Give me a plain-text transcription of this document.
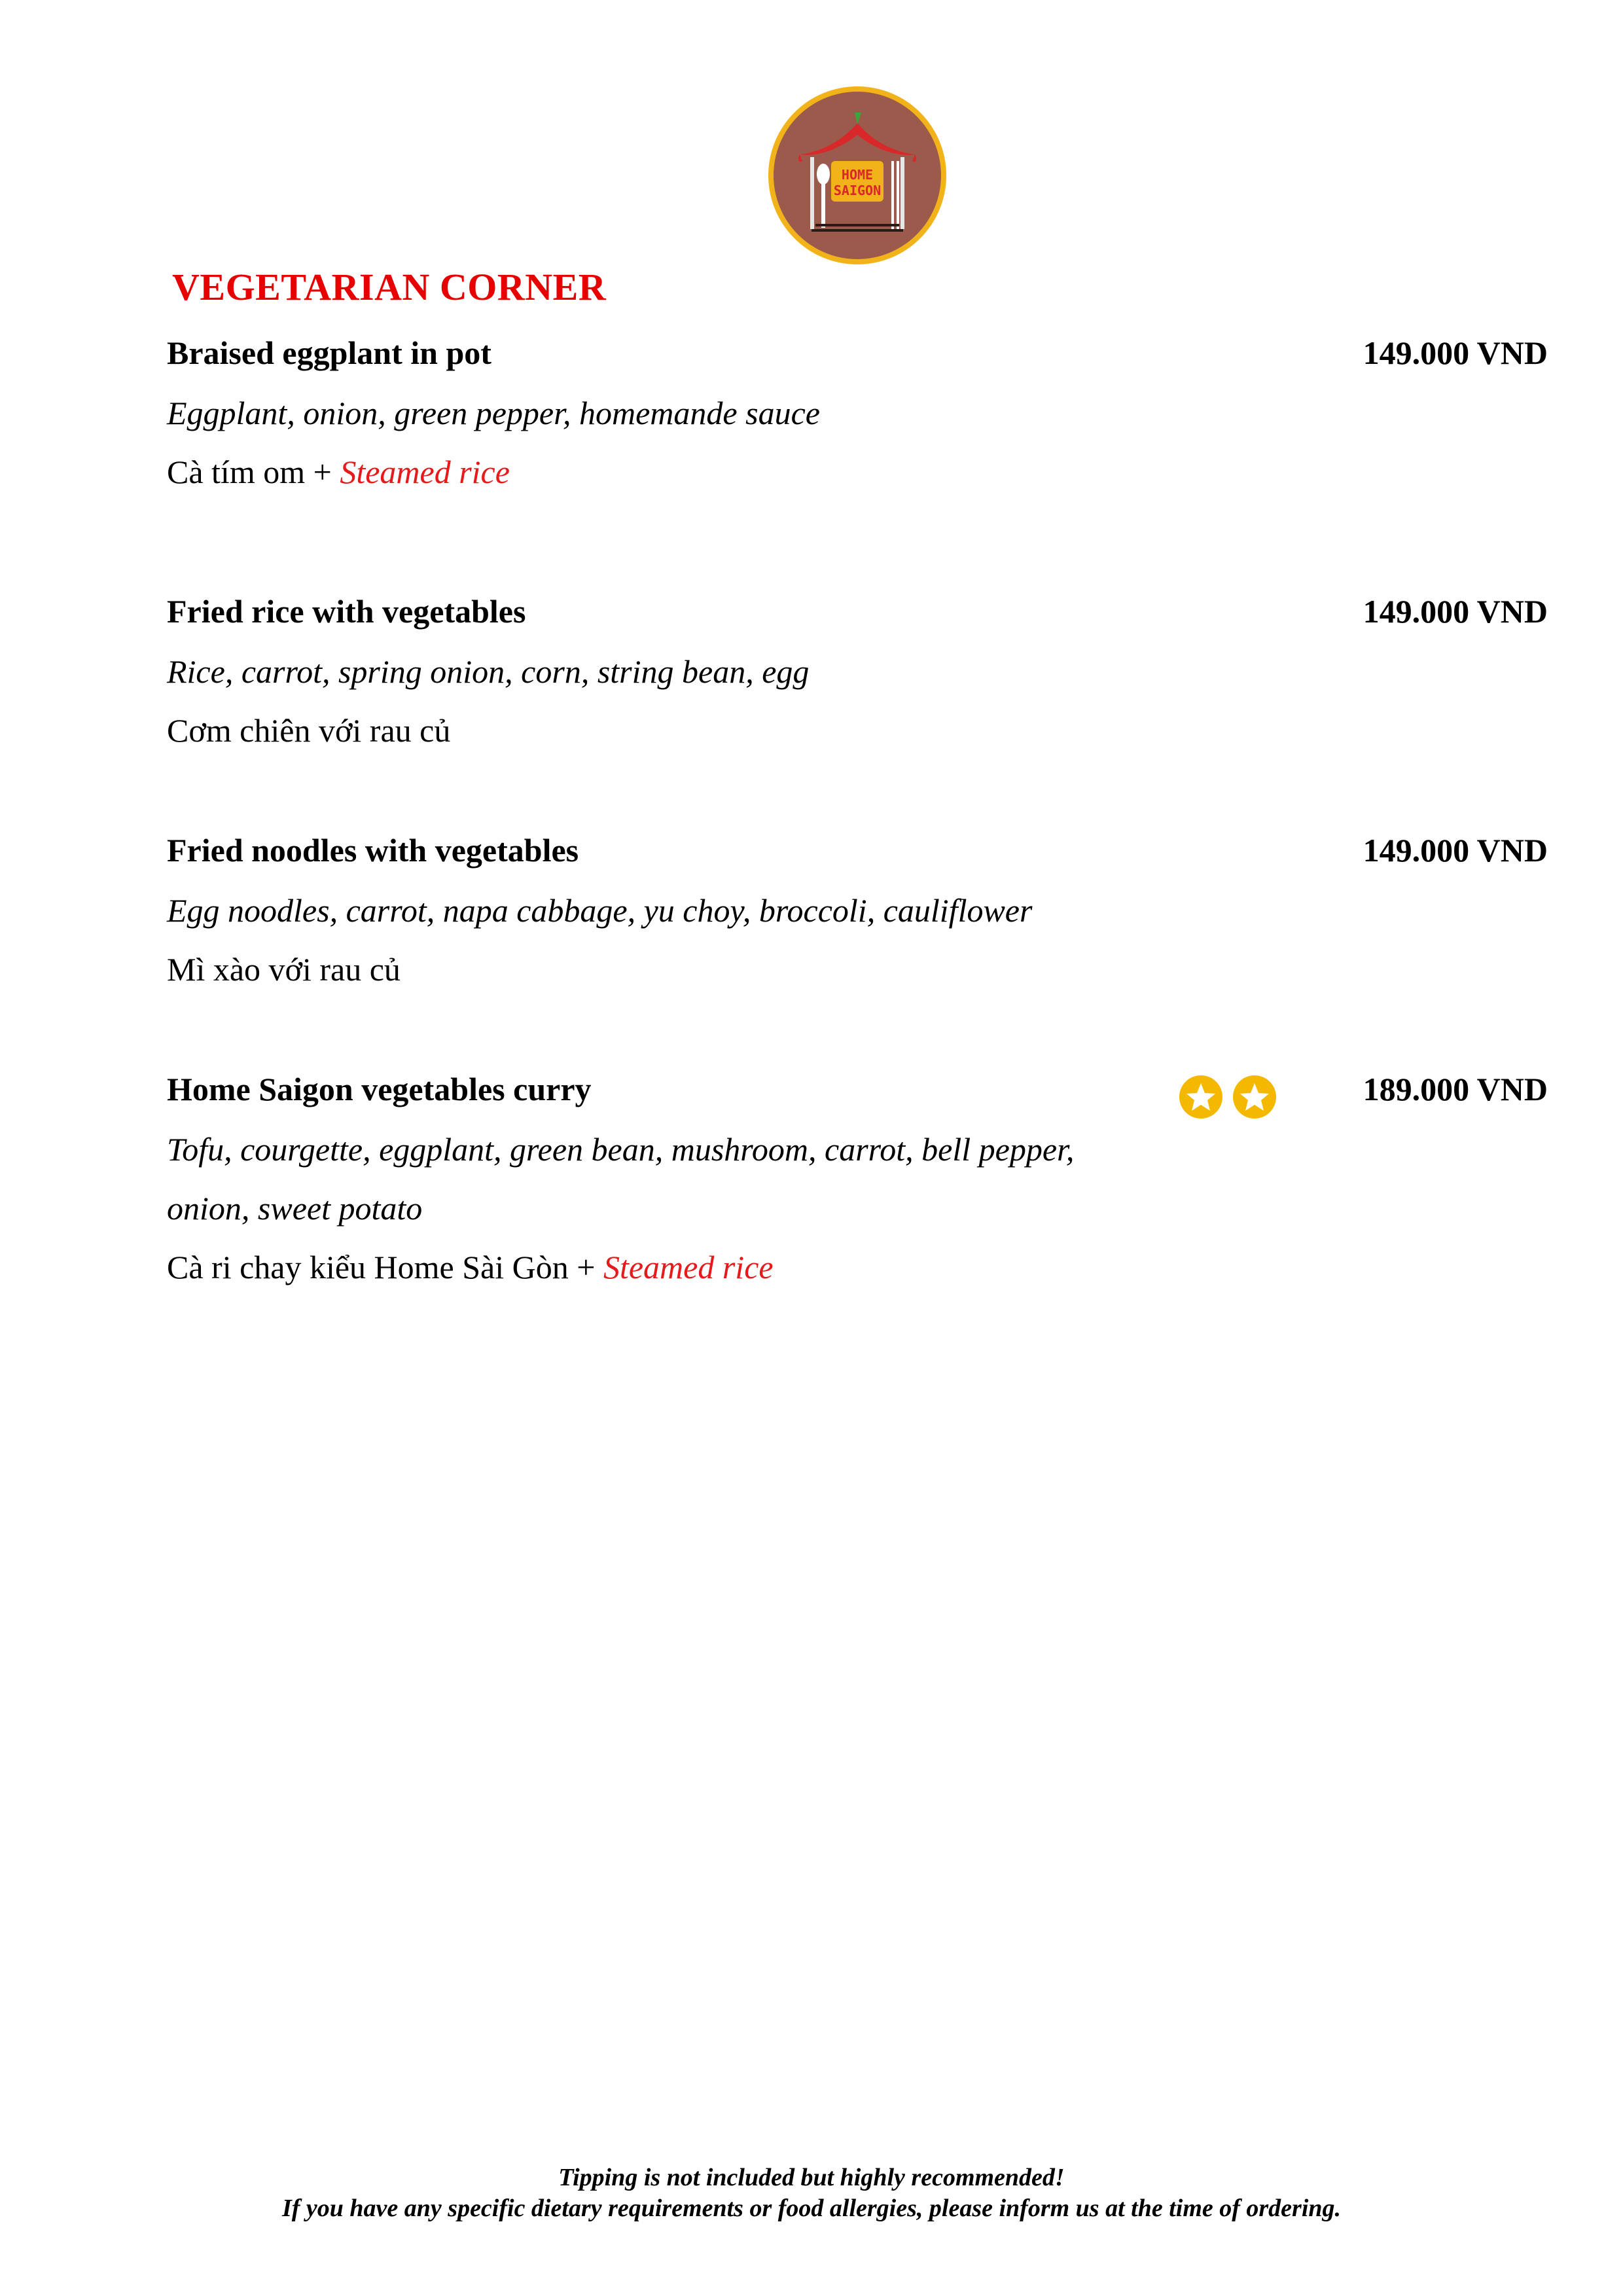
HOME
SAIGON
VEGETARIAN CORNER
Braised eggplant in pot	149.000 VND
Eggplant, onion, green pepper, homemande sauce
Cà tím om + Steamed rice
Fried rice with vegetables	149.000 VND
Rice, carrot, spring onion, corn, string bean, egg
Cơm chiên với rau củ
Fried noodles with vegetables	149.000 VND
Egg noodles, carrot, napa cabbage, yu choy, broccoli, cauliflower
Mì xào với rau củ
Home Saigon vegetables curry	189.000 VND
Tofu, courgette, eggplant, green bean, mushroom, carrot, bell pepper,
onion, sweet potato
Cà ri chay kiểu Home Sài Gòn + Steamed rice
Tipping is not included but highly recommended!
If you have any specific dietary requirements or food allergies, please inform us at the time of ordering.
